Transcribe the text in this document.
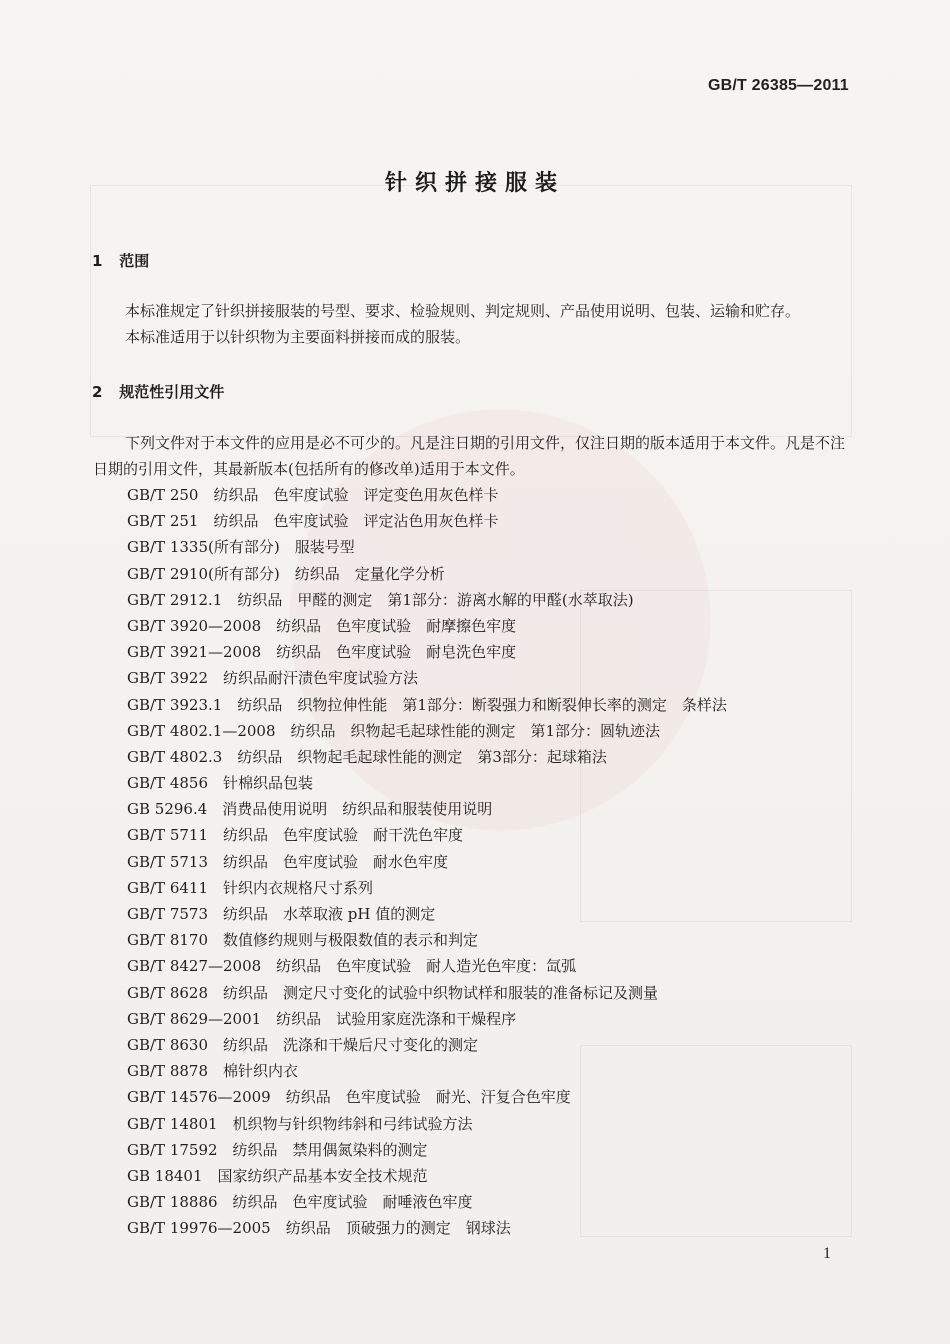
GB/T 26385—2011
针织拼接服装
1 范围
本标准规定了针织拼接服装的号型、要求、检验规则、判定规则、产品使用说明、包装、运输和贮存。
本标准适用于以针织物为主要面料拼接而成的服装。
2 规范性引用文件
下列文件对于本文件的应用是必不可少的。凡是注日期的引用文件，仅注日期的版本适用于本文件。凡是不注日期的引用文件，其最新版本(包括所有的修改单)适用于本文件。
GB/T 250　纺织品　色牢度试验　评定变色用灰色样卡
GB/T 251　纺织品　色牢度试验　评定沾色用灰色样卡
GB/T 1335(所有部分)　服装号型
GB/T 2910(所有部分)　纺织品　定量化学分析
GB/T 2912.1　纺织品　甲醛的测定　第1部分：游离水解的甲醛(水萃取法)
GB/T 3920—2008　纺织品　色牢度试验　耐摩擦色牢度
GB/T 3921—2008　纺织品　色牢度试验　耐皂洗色牢度
GB/T 3922　纺织品耐汗渍色牢度试验方法
GB/T 3923.1　纺织品　织物拉伸性能　第1部分：断裂强力和断裂伸长率的测定　条样法
GB/T 4802.1—2008　纺织品　织物起毛起球性能的测定　第1部分：圆轨迹法
GB/T 4802.3　纺织品　织物起毛起球性能的测定　第3部分：起球箱法
GB/T 4856　针棉织品包装
GB 5296.4　消费品使用说明　纺织品和服装使用说明
GB/T 5711　纺织品　色牢度试验　耐干洗色牢度
GB/T 5713　纺织品　色牢度试验　耐水色牢度
GB/T 6411　针织内衣规格尺寸系列
GB/T 7573　纺织品　水萃取液 pH 值的测定
GB/T 8170　数值修约规则与极限数值的表示和判定
GB/T 8427—2008　纺织品　色牢度试验　耐人造光色牢度：氙弧
GB/T 8628　纺织品　测定尺寸变化的试验中织物试样和服装的准备标记及测量
GB/T 8629—2001　纺织品　试验用家庭洗涤和干燥程序
GB/T 8630　纺织品　洗涤和干燥后尺寸变化的测定
GB/T 8878　棉针织内衣
GB/T 14576—2009　纺织品　色牢度试验　耐光、汗复合色牢度
GB/T 14801　机织物与针织物纬斜和弓纬试验方法
GB/T 17592　纺织品　禁用偶氮染料的测定
GB 18401　国家纺织产品基本安全技术规范
GB/T 18886　纺织品　色牢度试验　耐唾液色牢度
GB/T 19976—2005　纺织品　顶破强力的测定　钢球法
1
